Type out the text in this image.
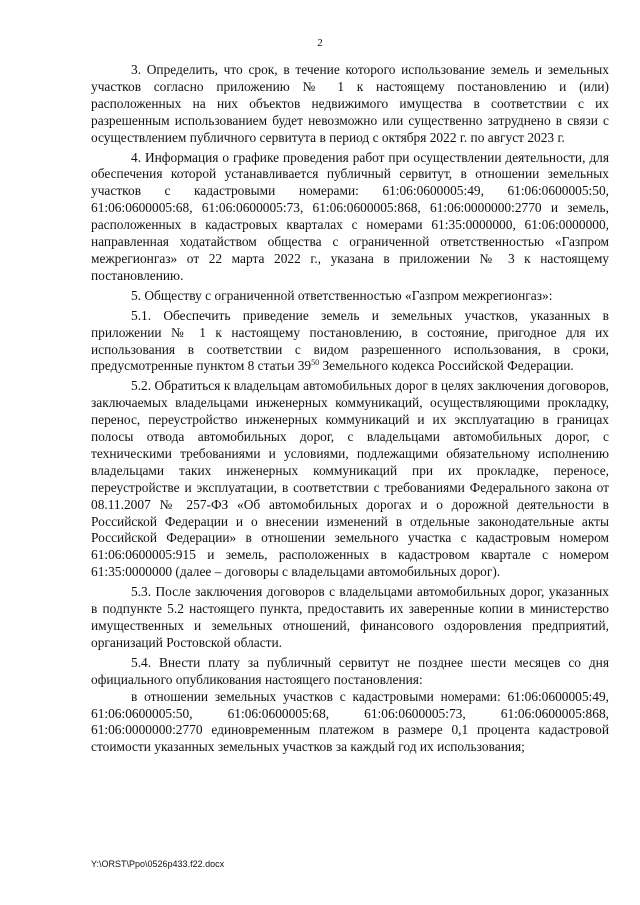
2

3. Определить, что срок, в течение которого использование земель и земельных участков согласно приложению № 1 к настоящему постановлению и (или) расположенных на них объектов недвижимого имущества в соответствии с их разрешенным использованием будет невозможно или существенно затруднено в связи с осуществлением публичного сервитута в период с октября 2022 г. по август 2023 г.

4. Информация о графике проведения работ при осуществлении деятельности, для обеспечения которой устанавливается публичный сервитут, в отношении земельных участков с кадастровыми номерами: 61:06:0600005:49, 61:06:0600005:50, 61:06:0600005:68, 61:06:0600005:73, 61:06:0600005:868, 61:06:0000000:2770 и земель, расположенных в кадастровых кварталах с номерами 61:35:0000000, 61:06:0000000, направленная ходатайством общества с ограниченной ответственностью «Газпром межрегионгаз» от 22 марта 2022 г., указана в приложении № 3 к настоящему постановлению.

5. Обществу с ограниченной ответственностью «Газпром межрегионгаз»:

5.1. Обеспечить приведение земель и земельных участков, указанных в приложении № 1 к настоящему постановлению, в состояние, пригодное для их использования в соответствии с видом разрешенного использования, в сроки, предусмотренные пунктом 8 статьи $39^{50}$ Земельного кодекса Российской Федерации.

5.2. Обратиться к владельцам автомобильных дорог в целях заключения договоров, заключаемых владельцами инженерных коммуникаций, осуществляющими прокладку, перенос, переустройство инженерных коммуникаций и их эксплуатацию в границах полосы отвода автомобильных дорог, с владельцами автомобильных дорог, с техническими требованиями и условиями, подлежащими обязательному исполнению владельцами таких инженерных коммуникаций при их прокладке, переносе, переустройстве и эксплуатации, в соответствии с требованиями Федерального закона от 08.11.2007 № 257-ФЗ «Об автомобильных дорогах и о дорожной деятельности в Российской Федерации и о внесении изменений в отдельные законодательные акты Российской Федерации» в отношении земельного участка с кадастровым номером 61:06:0600005:915 и земель, расположенных в кадастровом квартале с номером 61:35:0000000 (далее – договоры с владельцами автомобильных дорог).

5.3. После заключения договоров с владельцами автомобильных дорог, указанных в подпункте 5.2 настоящего пункта, предоставить их заверенные копии в министерство имущественных и земельных отношений, финансового оздоровления предприятий, организаций Ростовской области.

5.4. Внести плату за публичный сервитут не позднее шести месяцев со дня официального опубликования настоящего постановления:

в отношении земельных участков с кадастровыми номерами: 61:06:0600005:49, 61:06:0600005:50, 61:06:0600005:68, 61:06:0600005:73, 61:06:0600005:868, 61:06:0000000:2770 единовременным платежом в размере 0,1 процента кадастровой стоимости указанных земельных участков за каждый год их использования;

Y:\ORST\Ppo\0526p433.f22.docx
